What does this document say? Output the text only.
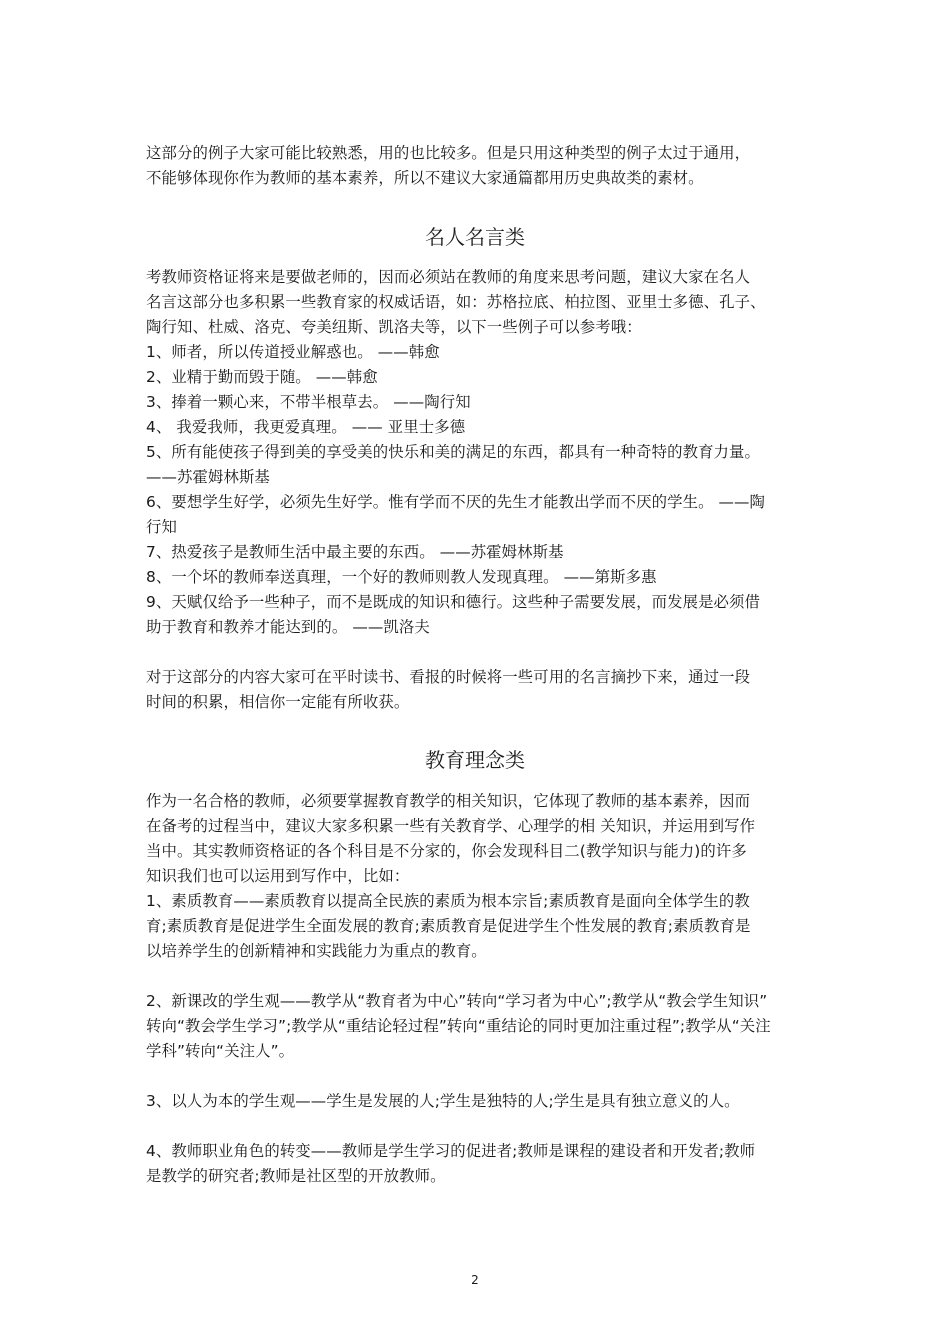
这部分的例子大家可能比较熟悉，用的也比较多。但是只用这种类型的例子太过于通用，
不能够体现你作为教师的基本素养，所以不建议大家通篇都用历史典故类的素材。
名人名言类
考教师资格证将来是要做老师的，因而必须站在教师的角度来思考问题，建议大家在名人
名言这部分也多积累一些教育家的权威话语，如：苏格拉底、柏拉图、亚里士多德、孔子、
陶行知、杜威、洛克、夸美纽斯、凯洛夫等，以下一些例子可以参考哦：
1、师者，所以传道授业解惑也。 ——韩愈
2、业精于勤而毁于随。 ——韩愈
3、捧着一颗心来，不带半根草去。 ——陶行知
4、 我爱我师，我更爱真理。 —— 亚里士多德
5、所有能使孩子得到美的享受美的快乐和美的满足的东西，都具有一种奇特的教育力量。
——苏霍姆林斯基
6、要想学生好学，必须先生好学。惟有学而不厌的先生才能教出学而不厌的学生。 ——陶
行知
7、热爱孩子是教师生活中最主要的东西。 ——苏霍姆林斯基
8、一个坏的教师奉送真理，一个好的教师则教人发现真理。 ——第斯多惠
9、天赋仅给予一些种子，而不是既成的知识和德行。这些种子需要发展，而发展是必须借
助于教育和教养才能达到的。 ——凯洛夫
对于这部分的内容大家可在平时读书、看报的时候将一些可用的名言摘抄下来，通过一段
时间的积累，相信你一定能有所收获。
教育理念类
作为一名合格的教师，必须要掌握教育教学的相关知识，它体现了教师的基本素养，因而
在备考的过程当中，建议大家多积累一些有关教育学、心理学的相 关知识，并运用到写作
当中。其实教师资格证的各个科目是不分家的，你会发现科目二(教学知识与能力)的许多
知识我们也可以运用到写作中，比如：
1、素质教育——素质教育以提高全民族的素质为根本宗旨;素质教育是面向全体学生的教
育;素质教育是促进学生全面发展的教育;素质教育是促进学生个性发展的教育;素质教育是
以培养学生的创新精神和实践能力为重点的教育。
2、新课改的学生观——教学从“教育者为中心”转向“学习者为中心”;教学从“教会学生知识”
转向“教会学生学习”;教学从“重结论轻过程”转向“重结论的同时更加注重过程”;教学从“关注
学科”转向“关注人”。
3、以人为本的学生观——学生是发展的人;学生是独特的人;学生是具有独立意义的人。
4、教师职业角色的转变——教师是学生学习的促进者;教师是课程的建设者和开发者;教师
是教学的研究者;教师是社区型的开放教师。
2
